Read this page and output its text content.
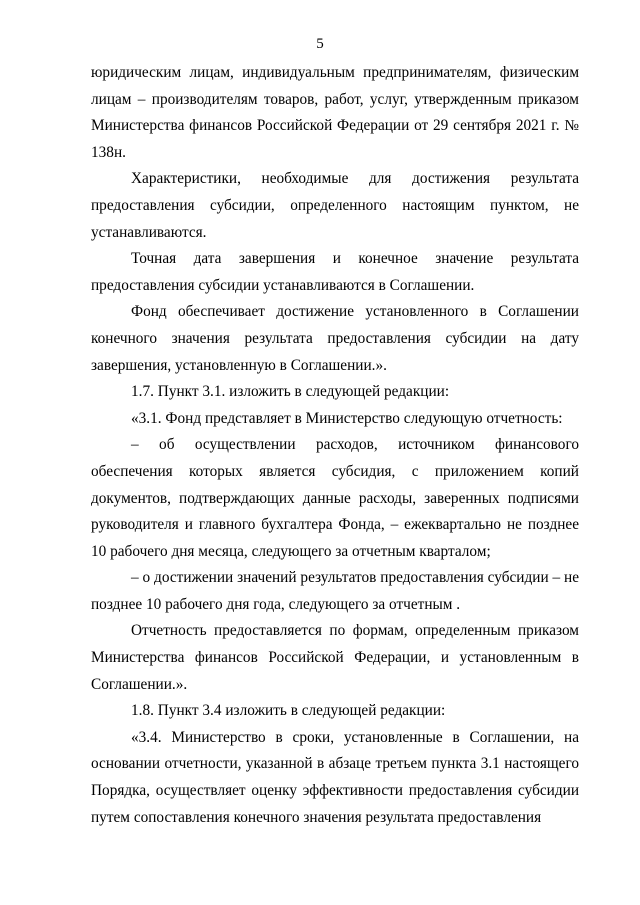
5

юридическим лицам, индивидуальным предпринимателям, физическим лицам – производителям товаров, работ, услуг, утвержденным приказом Министерства финансов Российской Федерации от 29 сентября 2021 г. № 138н.

Характеристики, необходимые для достижения результата предоставления субсидии, определенного настоящим пунктом, не устанавливаются.

Точная дата завершения и конечное значение результата предоставления субсидии устанавливаются в Соглашении.

Фонд обеспечивает достижение установленного в Соглашении конечного значения результата предоставления субсидии на дату завершения, установленную в Соглашении.».

1.7. Пункт 3.1. изложить в следующей редакции:

«3.1. Фонд представляет в Министерство следующую отчетность:

– об осуществлении расходов, источником финансового обеспечения которых является субсидия, с приложением копий документов, подтверждающих данные расходы, заверенных подписями руководителя и главного бухгалтера Фонда, – ежеквартально не позднее 10 рабочего дня месяца, следующего за отчетным кварталом;

– о достижении значений результатов предоставления субсидии – не позднее 10 рабочего дня года, следующего за отчетным .

Отчетность предоставляется по формам, определенным приказом Министерства финансов Российской Федерации, и установленным в Соглашении.».

1.8. Пункт 3.4 изложить в следующей редакции:

«3.4. Министерство в сроки, установленные в Соглашении, на основании отчетности, указанной в абзаце третьем пункта 3.1 настоящего Порядка, осуществляет оценку эффективности предоставления субсидии путем сопоставления конечного значения результата предоставления
